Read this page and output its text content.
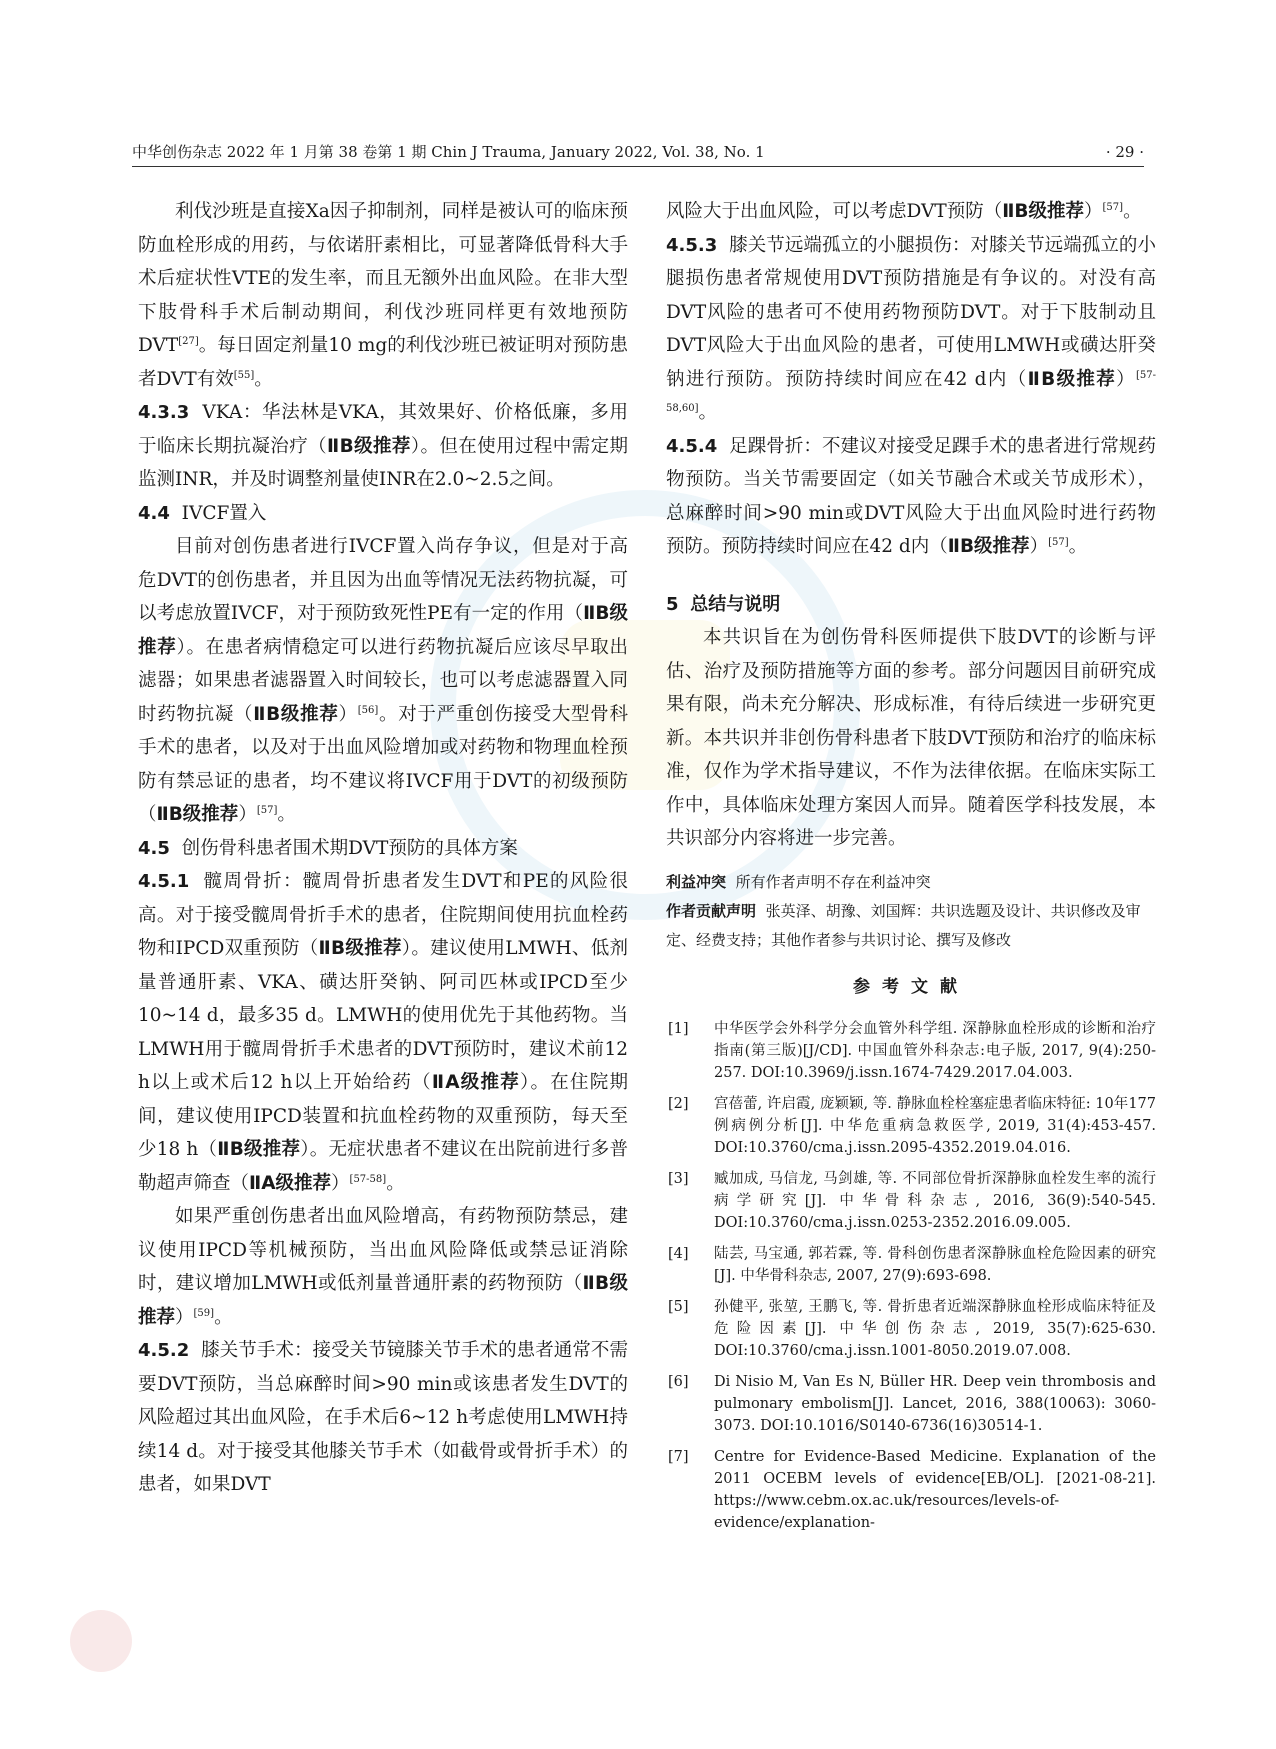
中华创伤杂志 2022 年 1 月第 38 卷第 1 期 Chin J Trauma, January 2022, Vol. 38, No. 1	· 29 ·

利伐沙班是直接Ⅹa因子抑制剂，同样是被认可的临床预防血栓形成的用药，与依诺肝素相比，可显著降低骨科大手术后症状性VTE的发生率，而且无额外出血风险。在非大型下肢骨科手术后制动期间，利伐沙班同样更有效地预防DVT[27]。每日固定剂量10 mg的利伐沙班已被证明对预防患者DVT有效[55]。

4.3.3 VKA：华法林是VKA，其效果好、价格低廉，多用于临床长期抗凝治疗（ⅡB级推荐）。但在使用过程中需定期监测INR，并及时调整剂量使INR在2.0~2.5之间。

4.4 IVCF置入

目前对创伤患者进行IVCF置入尚存争议，但是对于高危DVT的创伤患者，并且因为出血等情况无法药物抗凝，可以考虑放置IVCF，对于预防致死性PE有一定的作用（ⅡB级推荐）。在患者病情稳定可以进行药物抗凝后应该尽早取出滤器；如果患者滤器置入时间较长，也可以考虑滤器置入同时药物抗凝（ⅡB级推荐）[56]。对于严重创伤接受大型骨科手术的患者，以及对于出血风险增加或对药物和物理血栓预防有禁忌证的患者，均不建议将IVCF用于DVT的初级预防（ⅡB级推荐）[57]。

4.5 创伤骨科患者围术期DVT预防的具体方案

4.5.1 髋周骨折：髋周骨折患者发生DVT和PE的风险很高。对于接受髋周骨折手术的患者，住院期间使用抗血栓药物和IPCD双重预防（ⅡB级推荐）。建议使用LMWH、低剂量普通肝素、VKA、磺达肝癸钠、阿司匹林或IPCD至少10~14 d，最多35 d。LMWH的使用优先于其他药物。当LMWH用于髋周骨折手术患者的DVT预防时，建议术前12 h以上或术后12 h以上开始给药（ⅡA级推荐）。在住院期间，建议使用IPCD装置和抗血栓药物的双重预防，每天至少18 h（ⅡB级推荐）。无症状患者不建议在出院前进行多普勒超声筛查（ⅡA级推荐）[57-58]。

如果严重创伤患者出血风险增高，有药物预防禁忌，建议使用IPCD等机械预防，当出血风险降低或禁忌证消除时，建议增加LMWH或低剂量普通肝素的药物预防（ⅡB级推荐）[59]。

4.5.2 膝关节手术：接受关节镜膝关节手术的患者通常不需要DVT预防，当总麻醉时间>90 min或该患者发生DVT的风险超过其出血风险，在手术后6~12 h考虑使用LMWH持续14 d。对于接受其他膝关节手术（如截骨或骨折手术）的患者，如果DVT

风险大于出血风险，可以考虑DVT预防（ⅡB级推荐）[57]。

4.5.3 膝关节远端孤立的小腿损伤：对膝关节远端孤立的小腿损伤患者常规使用DVT预防措施是有争议的。对没有高DVT风险的患者可不使用药物预防DVT。对于下肢制动且DVT风险大于出血风险的患者，可使用LMWH或磺达肝癸钠进行预防。预防持续时间应在42 d内（ⅡB级推荐）[57-58,60]。

4.5.4 足踝骨折：不建议对接受足踝手术的患者进行常规药物预防。当关节需要固定（如关节融合术或关节成形术），总麻醉时间>90 min或DVT风险大于出血风险时进行药物预防。预防持续时间应在42 d内（ⅡB级推荐）[57]。

5 总结与说明

本共识旨在为创伤骨科医师提供下肢DVT的诊断与评估、治疗及预防措施等方面的参考。部分问题因目前研究成果有限，尚未充分解决、形成标准，有待后续进一步研究更新。本共识并非创伤骨科患者下肢DVT预防和治疗的临床标准，仅作为学术指导建议，不作为法律依据。在临床实际工作中，具体临床处理方案因人而异。随着医学科技发展，本共识部分内容将进一步完善。

利益冲突 所有作者声明不存在利益冲突

作者贡献声明 张英泽、胡豫、刘国辉：共识选题及设计、共识修改及审定、经费支持；其他作者参与共识讨论、撰写及修改

参考文献
[1] 中华医学会外科学分会血管外科学组. 深静脉血栓形成的诊断和治疗指南(第三版)[J/CD]. 中国血管外科杂志:电子版, 2017, 9(4):250-257. DOI:10.3969/j.issn.1674-7429.2017.04.003.
[2] 宫蓓蕾, 许启霞, 庞颖颖, 等. 静脉血栓栓塞症患者临床特征: 10年177例病例分析[J]. 中华危重病急救医学, 2019, 31(4):453-457. DOI:10.3760/cma.j.issn.2095-4352.2019.04.016.
[3] 臧加成, 马信龙, 马剑雄, 等. 不同部位骨折深静脉血栓发生率的流行病学研究[J]. 中华骨科杂志, 2016, 36(9):540-545. DOI:10.3760/cma.j.issn.0253-2352.2016.09.005.
[4] 陆芸, 马宝通, 郭若霖, 等. 骨科创伤患者深静脉血栓危险因素的研究[J]. 中华骨科杂志, 2007, 27(9):693-698.
[5] 孙健平, 张堃, 王鹏飞, 等. 骨折患者近端深静脉血栓形成临床特征及危险因素[J]. 中华创伤杂志, 2019, 35(7):625-630. DOI:10.3760/cma.j.issn.1001-8050.2019.07.008.
[6] Di Nisio M, Van Es N, Büller HR. Deep vein thrombosis and pulmonary embolism[J]. Lancet, 2016, 388(10063): 3060-3073. DOI:10.1016/S0140-6736(16)30514-1.
[7] Centre for Evidence-Based Medicine. Explanation of the 2011 OCEBM levels of evidence[EB/OL]. [2021-08-21]. https://www.cebm.ox.ac.uk/resources/levels-of-evidence/explanation-
